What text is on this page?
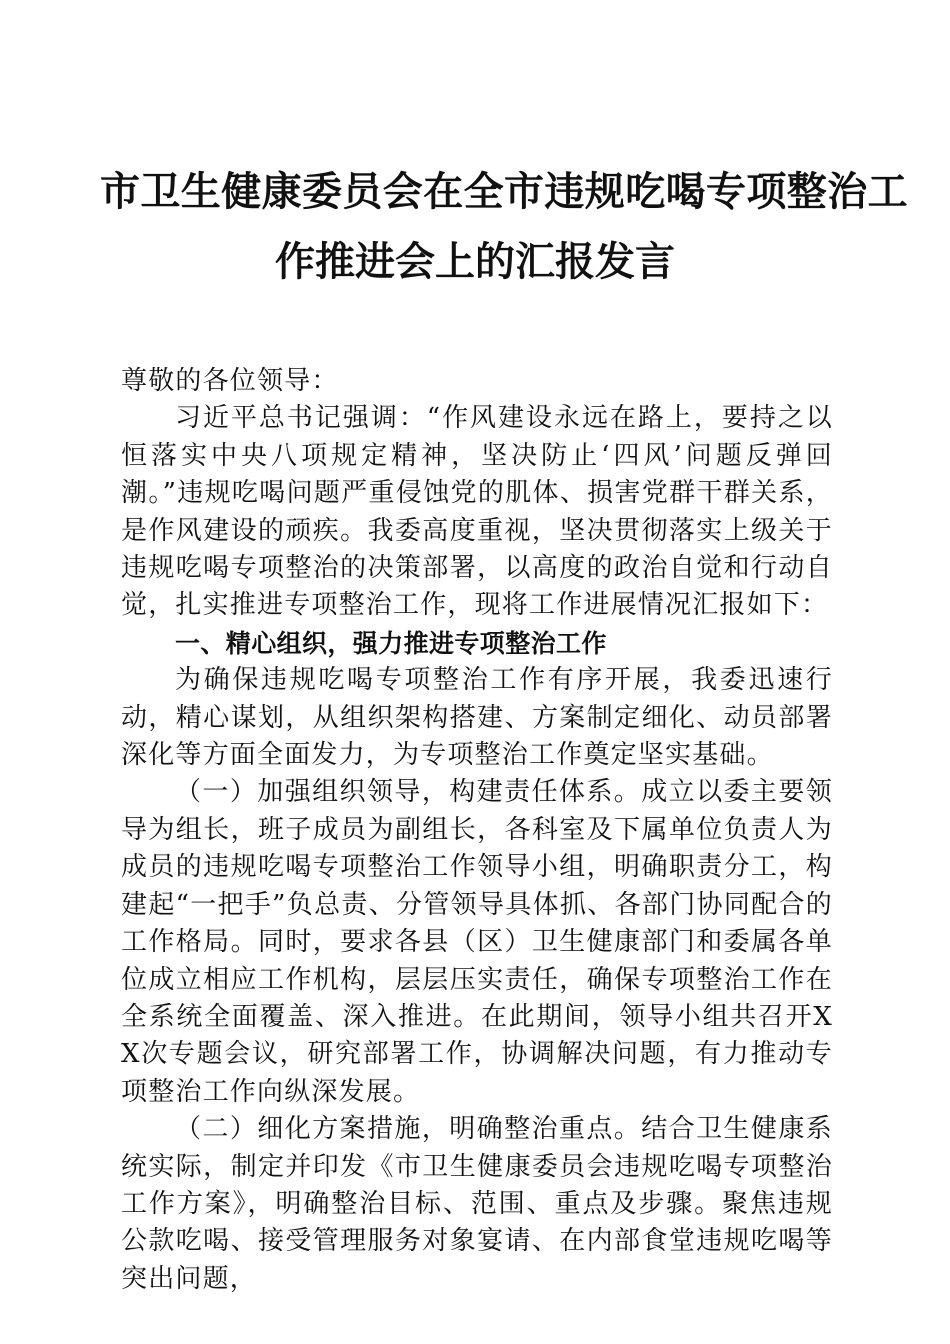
市卫生健康委员会在全市违规吃喝专项整治工
作推进会上的汇报发言

尊敬的各位领导：

习近平总书记强调：“作风建设永远在路上，要持之以恒落实中央八项规定精神，坚决防止‘四风’问题反弹回潮。”违规吃喝问题严重侵蚀党的肌体、损害党群干群关系，是作风建设的顽疾。我委高度重视，坚决贯彻落实上级关于违规吃喝专项整治的决策部署，以高度的政治自觉和行动自觉，扎实推进专项整治工作，现将工作进展情况汇报如下：

一、精心组织，强力推进专项整治工作

为确保违规吃喝专项整治工作有序开展，我委迅速行动，精心谋划，从组织架构搭建、方案制定细化、动员部署深化等方面全面发力，为专项整治工作奠定坚实基础。

（一）加强组织领导，构建责任体系。成立以委主要领导为组长，班子成员为副组长，各科室及下属单位负责人为成员的违规吃喝专项整治工作领导小组，明确职责分工，构建起“一把手”负总责、分管领导具体抓、各部门协同配合的工作格局。同时，要求各县（区）卫生健康部门和委属各单位成立相应工作机构，层层压实责任，确保专项整治工作在全系统全面覆盖、深入推进。在此期间，领导小组共召开XX次专题会议，研究部署工作，协调解决问题，有力推动专项整治工作向纵深发展。

（二）细化方案措施，明确整治重点。结合卫生健康系统实际，制定并印发《市卫生健康委员会违规吃喝专项整治工作方案》，明确整治目标、范围、重点及步骤。聚焦违规公款吃喝、接受管理服务对象宴请、在内部食堂违规吃喝等突出问题，
